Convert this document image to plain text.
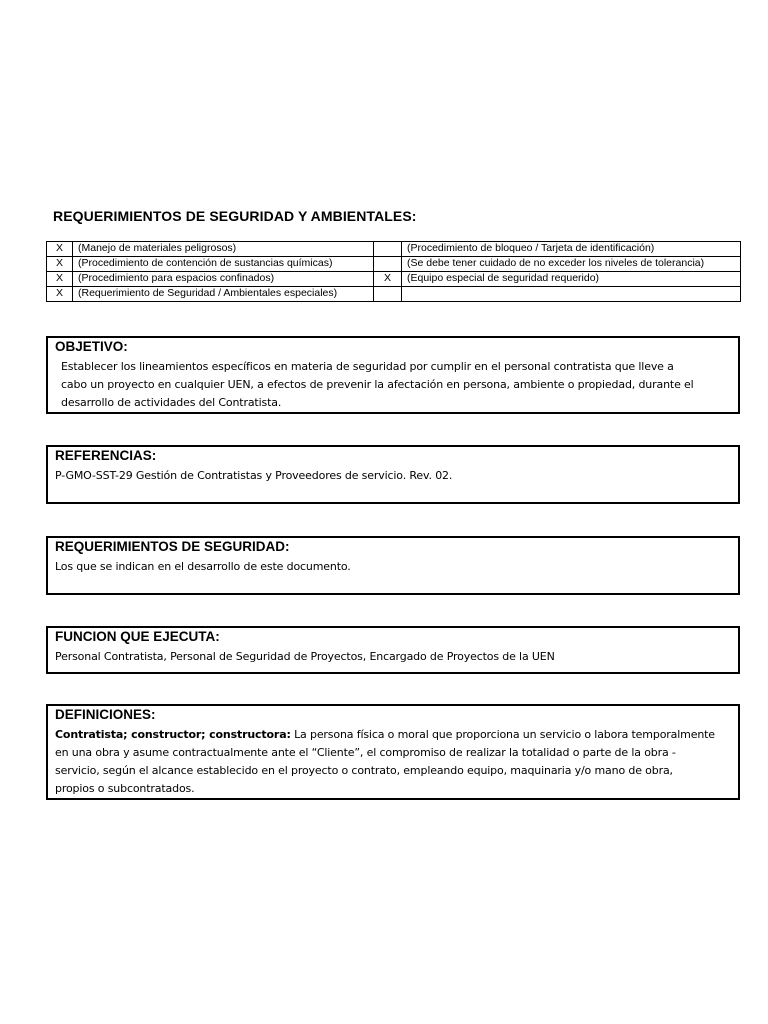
REQUERIMIENTOS DE SEGURIDAD Y AMBIENTALES:
X	(Manejo de materiales peligrosos)		(Procedimiento de bloqueo / Tarjeta de identificación)
X	(Procedimiento de contención de sustancias químicas)		(Se debe tener cuidado de no exceder los niveles de tolerancia)
X	(Procedimiento para espacios confinados)	X	(Equipo especial de seguridad requerido)
X	(Requerimiento de Seguridad / Ambientales especiales)		
OBJETIVO:
Establecer los lineamientos específicos en materia de seguridad por cumplir en el personal contratista que lleve a
cabo un proyecto en cualquier UEN, a efectos de prevenir la afectación en persona, ambiente o propiedad, durante el
desarrollo de actividades del Contratista.
REFERENCIAS:
P-GMO-SST-29 Gestión de Contratistas y Proveedores de servicio. Rev. 02.
REQUERIMIENTOS DE SEGURIDAD:
Los que se indican en el desarrollo de este documento.
FUNCION QUE EJECUTA:
Personal Contratista, Personal de Seguridad de Proyectos, Encargado de Proyectos de la UEN
DEFINICIONES:
Contratista; constructor; constructora: La persona física o moral que proporciona un servicio o labora temporalmente
en una obra y asume contractualmente ante el “Cliente”, el compromiso de realizar la totalidad o parte de la obra -
servicio, según el alcance establecido en el proyecto o contrato, empleando equipo, maquinaria y/o mano de obra,
propios o subcontratados.
